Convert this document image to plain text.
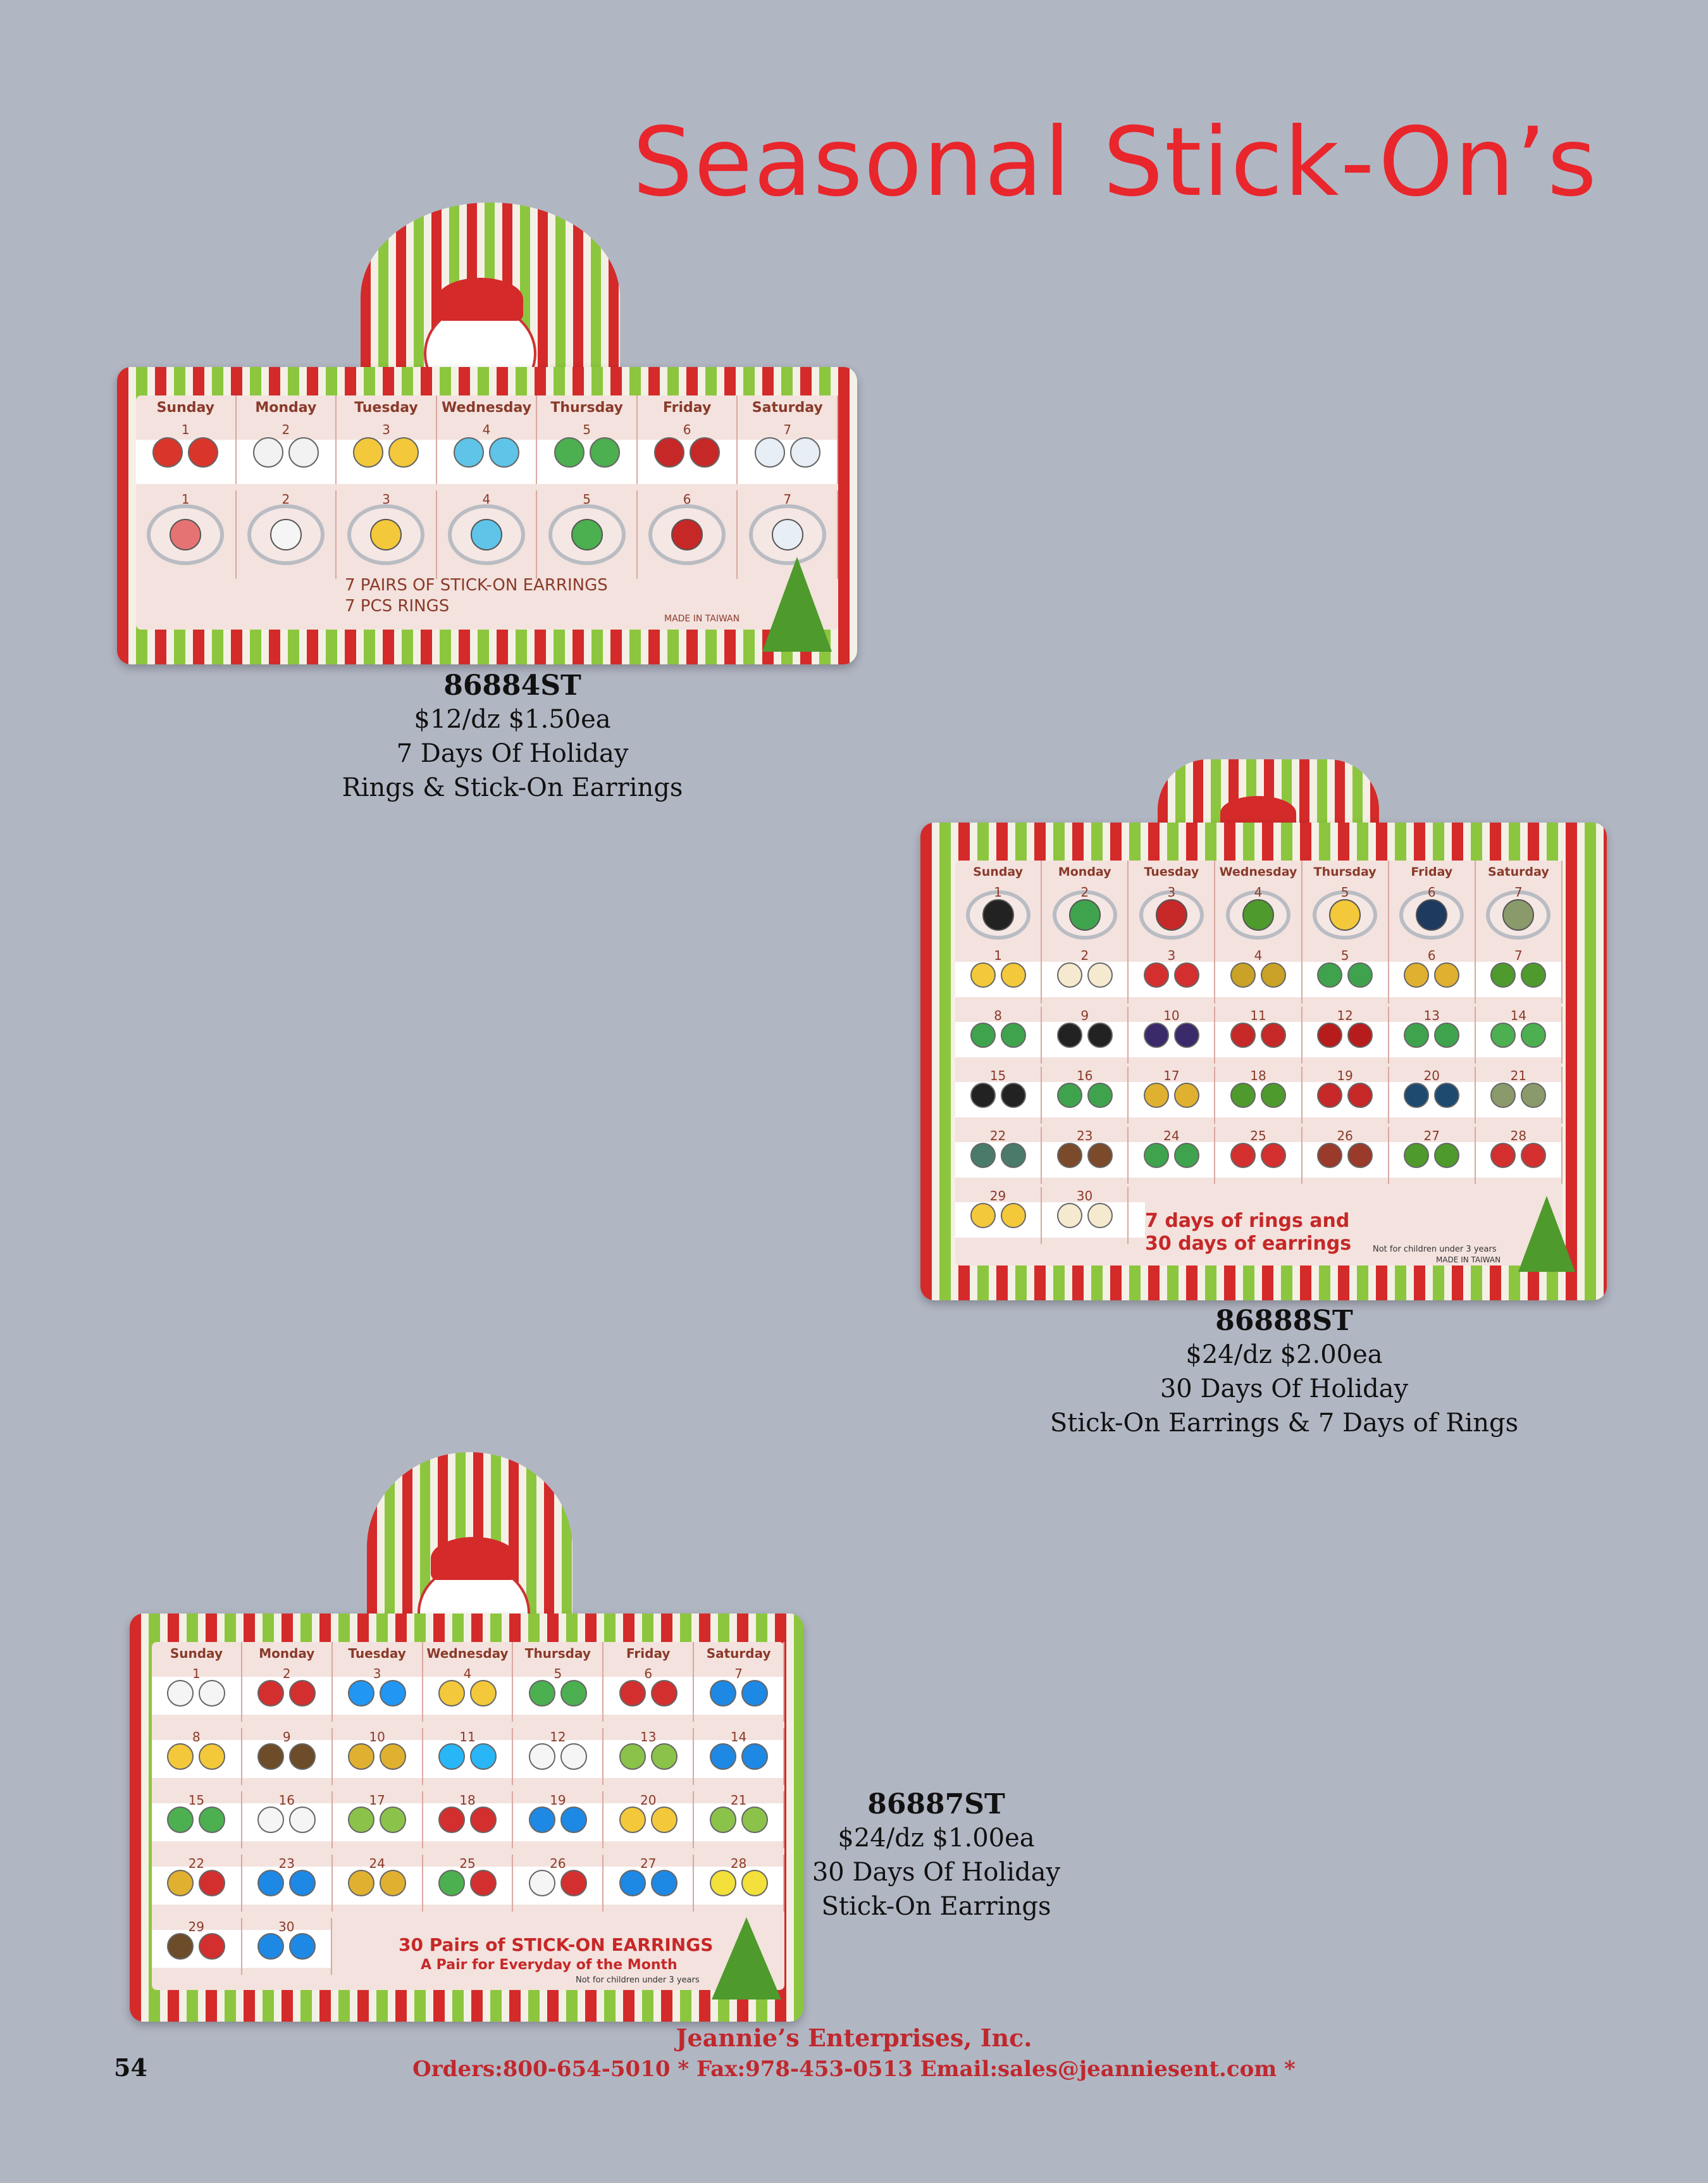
Seasonal Stick-On’s
Sunday	Monday	Tuesday	Wednesday	Thursday	Friday	Saturday
1	2	3	4	5	6	7
1	2	3	4	5	6	7
7 PAIRS OF STICK-ON EARRINGS
7 PCS RINGS
MADE IN TAIWAN
86884ST
$12/dz $1.50ea
7 Days Of Holiday
Rings & Stick-On Earrings
Sunday	Monday	Tuesday	Wednesday	Thursday	Friday	Saturday
1	2	3	4	5	6	7
1	2	3	4	5	6	7
8	9	10	11	12	13	14
15	16	17	18	19	20	21
22	23	24	25	26	27	28
29	30
7 days of rings and
30 days of earrings	Not for children under 3 years
MADE IN TAIWAN
86888ST
$24/dz $2.00ea
30 Days Of Holiday
Stick-On Earrings & 7 Days of Rings
Sunday	Monday	Tuesday	Wednesday	Thursday	Friday	Saturday
1	2	3	4	5	6	7
8	9	10	11	12	13	14
15	16	17	18	19	20	21
22	23	24	25	26	27	28
29	30
30 Pairs of STICK-ON EARRINGS
A Pair for Everyday of the Month
Not for children under 3 years
86887ST
$24/dz $1.00ea
30 Days Of Holiday
Stick-On Earrings
54
Jeannie’s Enterprises, Inc.
Orders:800-654-5010 * Fax:978-453-0513 Email:sales@jeanniesent.com *
